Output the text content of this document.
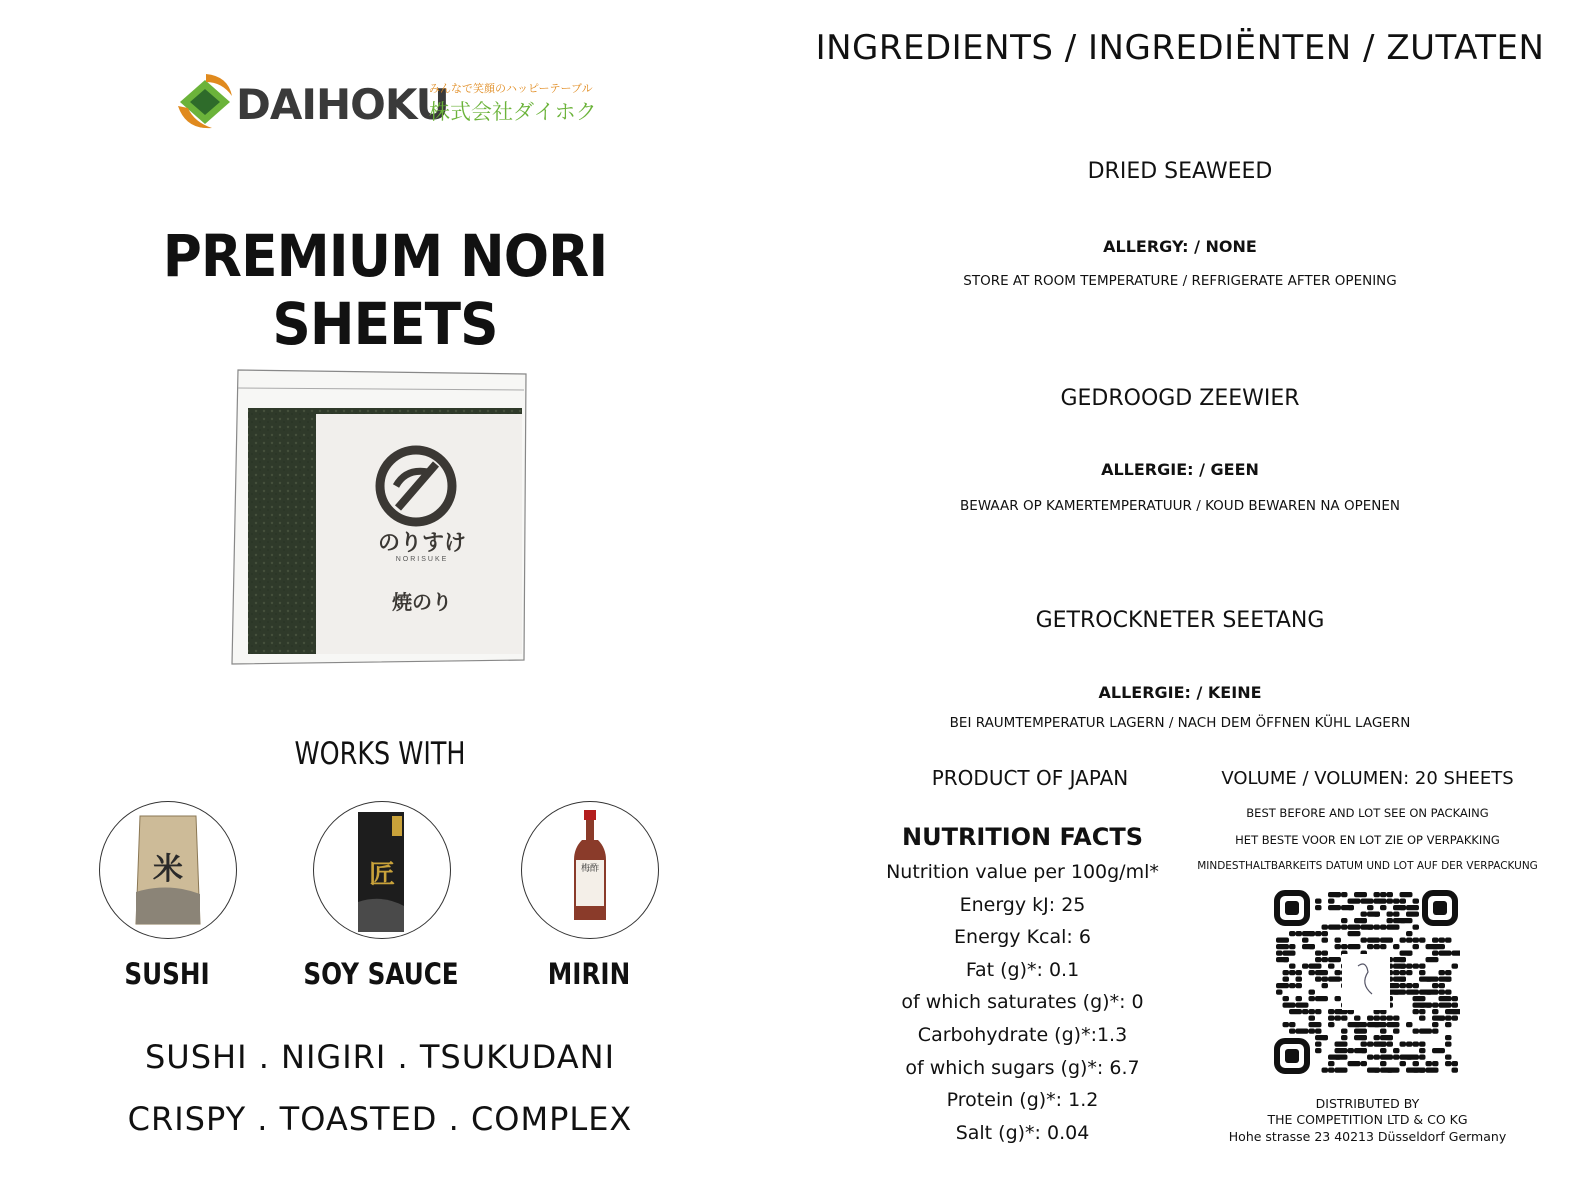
DAIHOKU
みんなで笑顔のハッピーテーブル
株式会社ダイホク
PREMIUM NORI SHEETS
のりすけ
NORISUKE
焼のり
WORKS WITH
米	匠	梅酢
SUSHI	SOY SAUCE	MIRIN
SUSHI . NIGIRI . TSUKUDANI
CRISPY . TOASTED . COMPLEX
INGREDIENTS / INGREDIËNTEN / ZUTATEN
DRIED SEAWEED
ALLERGY: / NONE
STORE AT ROOM TEMPERATURE / REFRIGERATE AFTER OPENING
GEDROOGD ZEEWIER
ALLERGIE: / GEEN
BEWAAR OP KAMERTEMPERATUUR / KOUD BEWAREN NA OPENEN
GETROCKNETER SEETANG
ALLERGIE: / KEINE
BEI RAUMTEMPERATUR LAGERN / NACH DEM ÖFFNEN KÜHL LAGERN
PRODUCT OF JAPAN	VOLUME / VOLUMEN: 20 SHEETS
BEST BEFORE AND LOT SEE ON PACKAING
HET BESTE VOOR EN LOT ZIE OP VERPAKKING
MINDESTHALTBARKEITS DATUM UND LOT AUF DER VERPACKUNG
NUTRITION FACTS
Nutrition value per 100g/ml*
Energy kJ: 25
Energy Kcal: 6
Fat (g)*: 0.1
of which saturates (g)*: 0
Carbohydrate (g)*:1.3
of which sugars (g)*: 6.7
Protein (g)*: 1.2
Salt (g)*: 0.04
DISTRIBUTED BY
THE COMPETITION LTD & CO KG
Hohe strasse 23 40213 Düsseldorf Germany
